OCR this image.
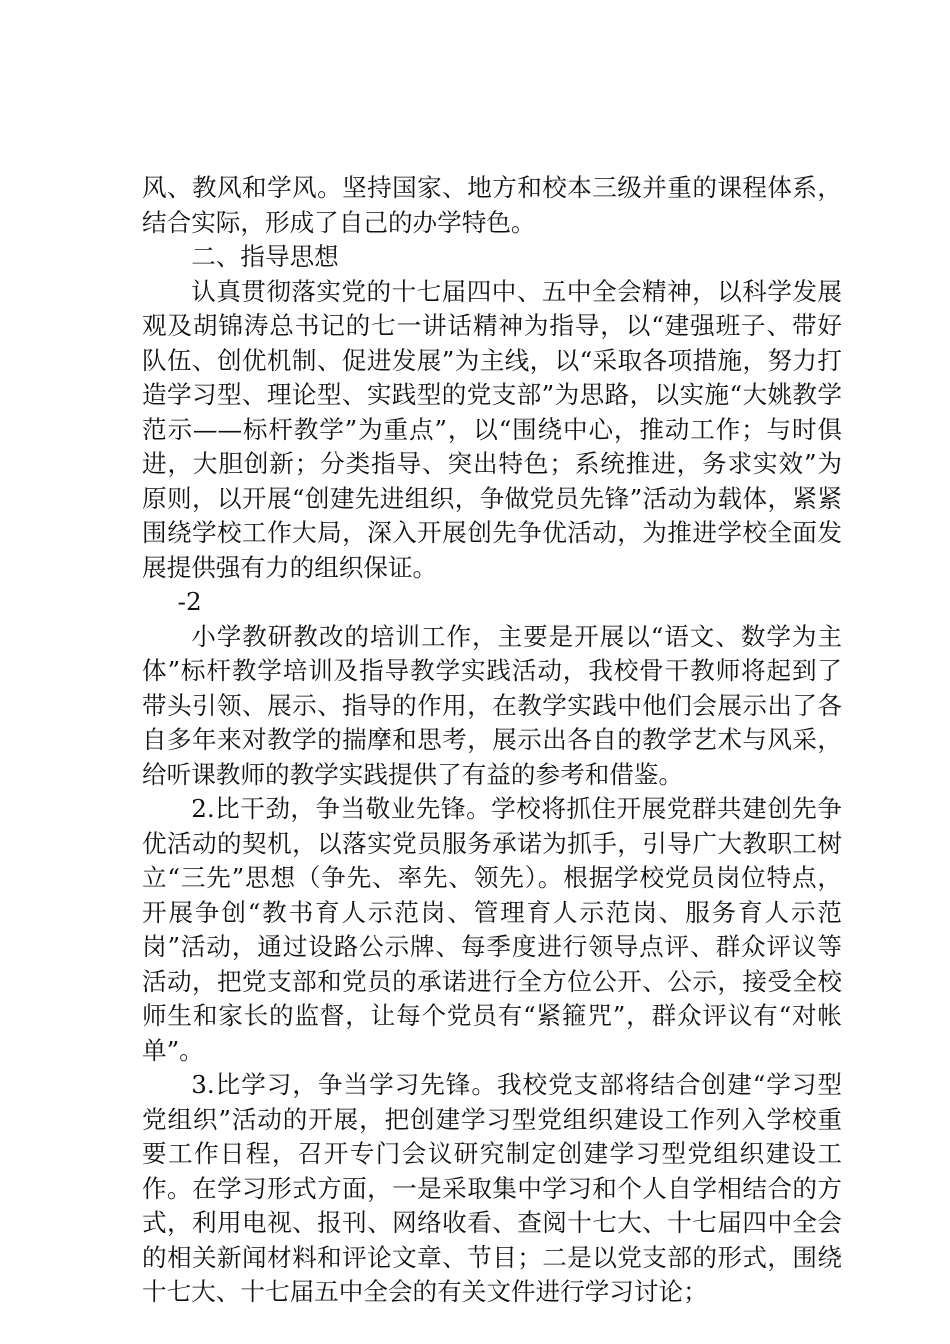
风、教风和学风。坚持国家、地方和校本三级并重的课程体系，结合实际，形成了自己的办学特色。

二、指导思想

认真贯彻落实党的十七届四中、五中全会精神，以科学发展观及胡锦涛总书记的七一讲话精神为指导，以“建强班子、带好队伍、创优机制、促进发展”为主线，以“采取各项措施，努力打造学习型、理论型、实践型的党支部”为思路，以实施“大姚教学范示——标杆教学”为重点”，以“围绕中心，推动工作；与时俱进，大胆创新；分类指导、突出特色；系统推进，务求实效”为原则，以开展“创建先进组织，争做党员先锋”活动为载体，紧紧围绕学校工作大局，深入开展创先争优活动，为推进学校全面发展提供强有力的组织保证。

-2

小学教研教改的培训工作，主要是开展以“语文、数学为主体”标杆教学培训及指导教学实践活动，我校骨干教师将起到了带头引领、展示、指导的作用，在教学实践中他们会展示出了各自多年来对教学的揣摩和思考，展示出各自的教学艺术与风采，给听课教师的教学实践提供了有益的参考和借鉴。

2.比干劲，争当敬业先锋。学校将抓住开展党群共建创先争优活动的契机，以落实党员服务承诺为抓手，引导广大教职工树立“三先”思想（争先、率先、领先）。根据学校党员岗位特点，开展争创“教书育人示范岗、管理育人示范岗、服务育人示范岗”活动，通过设路公示牌、每季度进行领导点评、群众评议等活动，把党支部和党员的承诺进行全方位公开、公示，接受全校师生和家长的监督，让每个党员有“紧箍咒”，群众评议有“对帐单”。

3.比学习，争当学习先锋。我校党支部将结合创建“学习型党组织”活动的开展，把创建学习型党组织建设工作列入学校重要工作日程，召开专门会议研究制定创建学习型党组织建设工作。在学习形式方面，一是采取集中学习和个人自学相结合的方式，利用电视、报刊、网络收看、查阅十七大、十七届四中全会的相关新闻材料和评论文章、节目；二是以党支部的形式，围绕十七大、十七届五中全会的有关文件进行学习讨论；
